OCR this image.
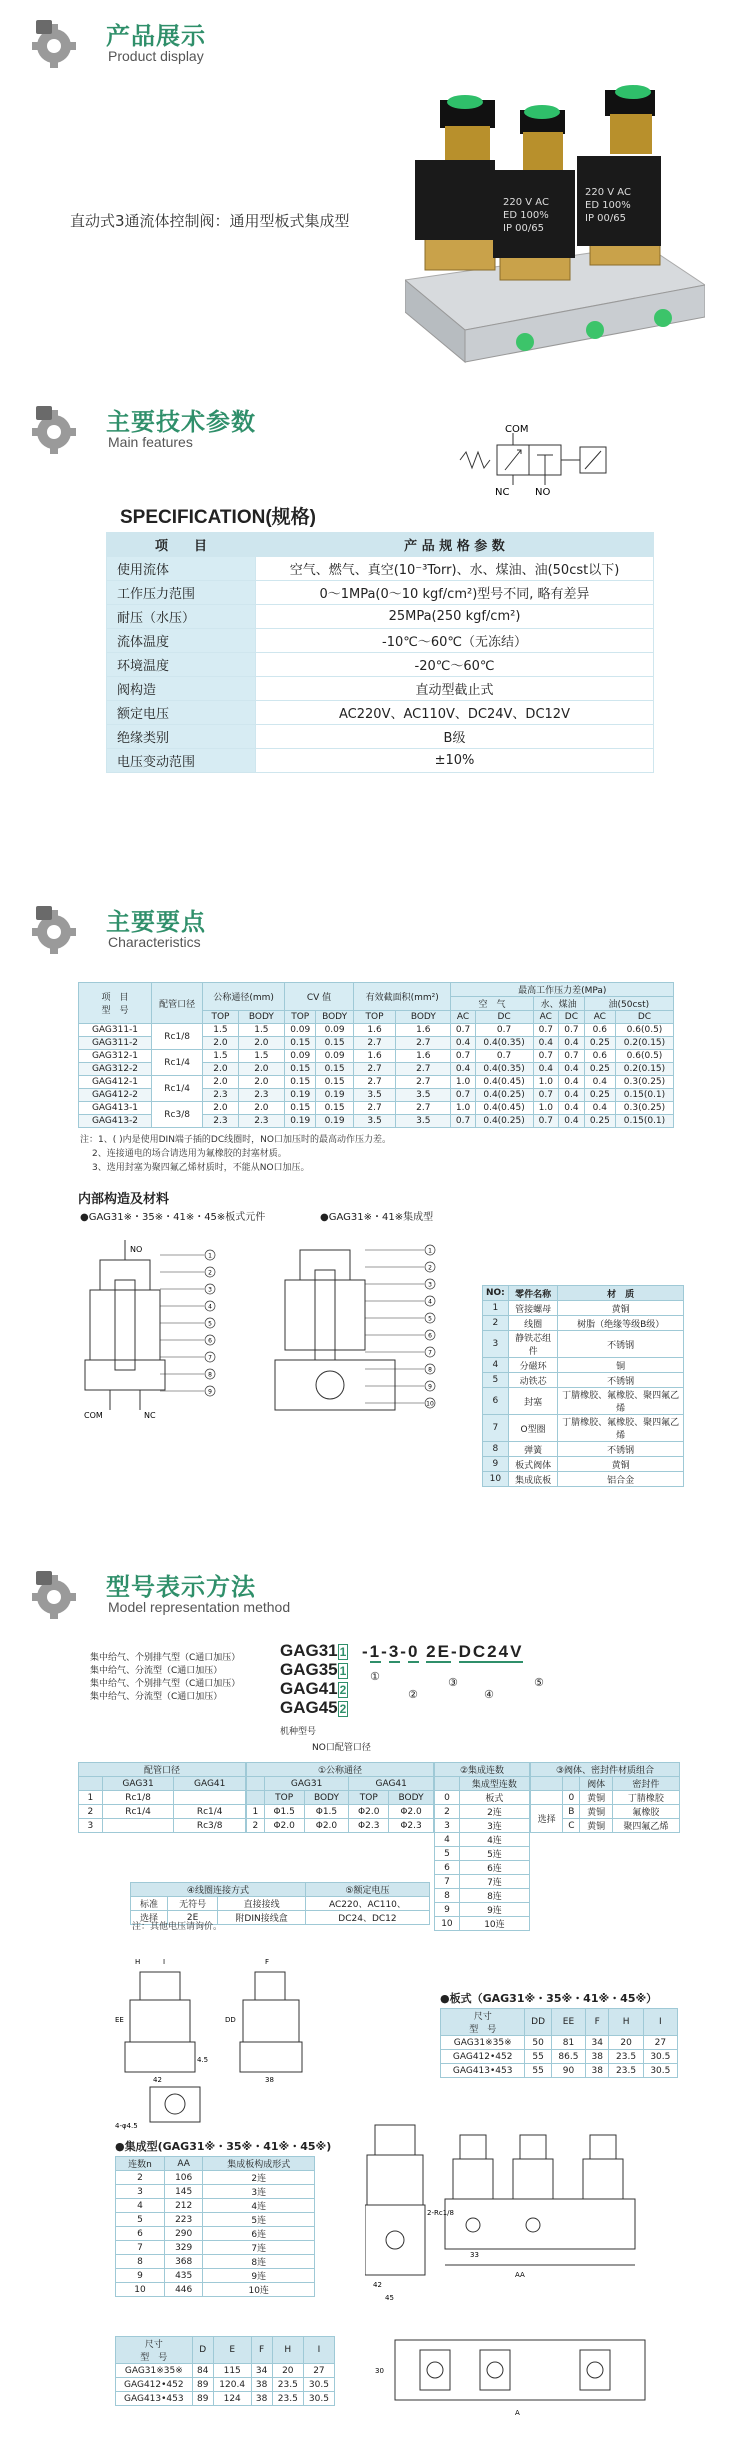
产品展示
Product display
直动式3通流体控制阀：通用型板式集成型
220 V AC
ED 100%
IP 00/65
220 V AC
ED 100%
IP 00/65
主要技术参数
Main features
COM
NC	NO
SPECIFICATION(规格)
项　　目	产 品 规 格 参 数
使用流体	空气、燃气、真空(10⁻³Torr)、水、煤油、油(50cst以下)
工作压力范围	0～1MPa(0～10 kgf/cm²)型号不同, 略有差异
耐压（水压）	25MPa(250 kgf/cm²)
流体温度	-10℃～60℃（无冻结）
环境温度	-20℃～60℃
阀构造	直动型截止式
额定电压	AC220V、AC110V、DC24V、DC12V
绝缘类别	B级
电压变动范围	±10%
主要要点
Characteristics
项　目
型　号	配管口径	公称通径(mm)		CV 值		有效截面积(mm²)		最高工作压力差(MPa)					
								空　气		水、煤油		油(50cst)	
		TOP	BODY	TOP	BODY	TOP	BODY	AC	DC	AC	DC	AC	DC
GAG311-1	Rc1/8	1.5	1.5	0.09	0.09	1.6	1.6	0.7	0.7	0.7	0.7	0.6	0.6(0.5)
GAG311-2		2.0	2.0	0.15	0.15	2.7	2.7	0.4	0.4(0.35)	0.4	0.4	0.25	0.2(0.15)
GAG312-1	Rc1/4	1.5	1.5	0.09	0.09	1.6	1.6	0.7	0.7	0.7	0.7	0.6	0.6(0.5)
GAG312-2		2.0	2.0	0.15	0.15	2.7	2.7	0.4	0.4(0.35)	0.4	0.4	0.25	0.2(0.15)
GAG412-1	Rc1/4	2.0	2.0	0.15	0.15	2.7	2.7	1.0	0.4(0.45)	1.0	0.4	0.4	0.3(0.25)
GAG412-2		2.3	2.3	0.19	0.19	3.5	3.5	0.7	0.4(0.25)	0.7	0.4	0.25	0.15(0.1)
GAG413-1	Rc3/8	2.0	2.0	0.15	0.15	2.7	2.7	1.0	0.4(0.45)	1.0	0.4	0.4	0.3(0.25)
GAG413-2		2.3	2.3	0.19	0.19	3.5	3.5	0.7	0.4(0.25)	0.7	0.4	0.25	0.15(0.1)
注：1、( )内是使用DIN端子插的DC线圈时，NO口加压时的最高动作压力差。
2、连接通电的场合请选用为氟橡胶的封塞材质。
3、选用封塞为聚四氟乙烯材质时，不能从NO口加压。
内部构造及材料
●GAG31※・35※・41※・45※板式元件	●GAG31※・41※集成型
NO
COM	NC
1
2
3
4
5
6
7
8
9
1
2
3
4
5
6
7
8
9
10
NO:	零件名称	材　质
1	管接螺母	黄铜
2	线圈	树脂（绝缘等级B级）
3	静铁芯组件	不锈钢
4	分磁环	铜
5	动铁芯	不锈钢
6	封塞	丁腈橡胶、氟橡胶、聚四氟乙烯
7	O型圈	丁腈橡胶、氟橡胶、聚四氟乙烯
8	弹簧	不锈钢
9	板式阀体	黄铜
10	集成底板	铝合金
型号表示方法
Model representation method
集中给气、个别排气型（C通口加压）
集中给气、分流型（C通口加压）
集中给气、个别排气型（C通口加压）
集中给气、分流型（C通口加压）
GAG31 1
GAG35 1
GAG41 2
GAG45 2
-1-3-0 2E-DC24V
①
②
③
④
⑤
机种型号
NO口配管口径
配管口径		
	GAG31	GAG41
1	Rc1/8	
2	Rc1/4	Rc1/4
3		Rc3/8
①公称通径				
	GAG31		GAG41	
	TOP	BODY	TOP	BODY
1	Φ1.5	Φ1.5	Φ2.0	Φ2.0
2	Φ2.0	Φ2.0	Φ2.3	Φ2.3
②集成连数	
	集成型连数
0	板式
2	2连
3	3连
4	4连
5	5连
6	6连
7	7连
8	8连
9	9连
10	10连
③阀体、密封件材质组合			
		阀体	密封件
	0	黄铜	丁腈橡胶
选择	B	黄铜	氟橡胶
	C	黄铜	聚四氟乙烯
④线圈连接方式			⑤额定电压
标准	无符号	直接接线	AC220、AC110、
选择	2E	附DIN接线盒	DC24、DC12
注：其他电压请询价。
H	I	F
EE	DD
4.5
42	38
4-φ4.5
●板式（GAG31※・35※・41※・45※）
尺寸
型　号	DD	EE	F	H	I
GAG31※35※	50	81	34	20	27
GAG412•452	55	86.5	38	23.5	30.5
GAG413•453	55	90	38	23.5	30.5
●集成型(GAG31※・35※・41※・45※)
连数n	AA	集成板构成形式
2	106	2连
3	145	3连
4	212	4连
5	223	5连
6	290	6连
7	329	7连
8	368	8连
9	435	9连
10	446	10连
尺寸
型　号	D	E	F	H	I
GAG31※35※	84	115	34	20	27
GAG412•452	89	120.4	38	23.5	30.5
GAG413•453	89	124	38	23.5	30.5
AA
42
45
33
2-Rc1/8
30
A
